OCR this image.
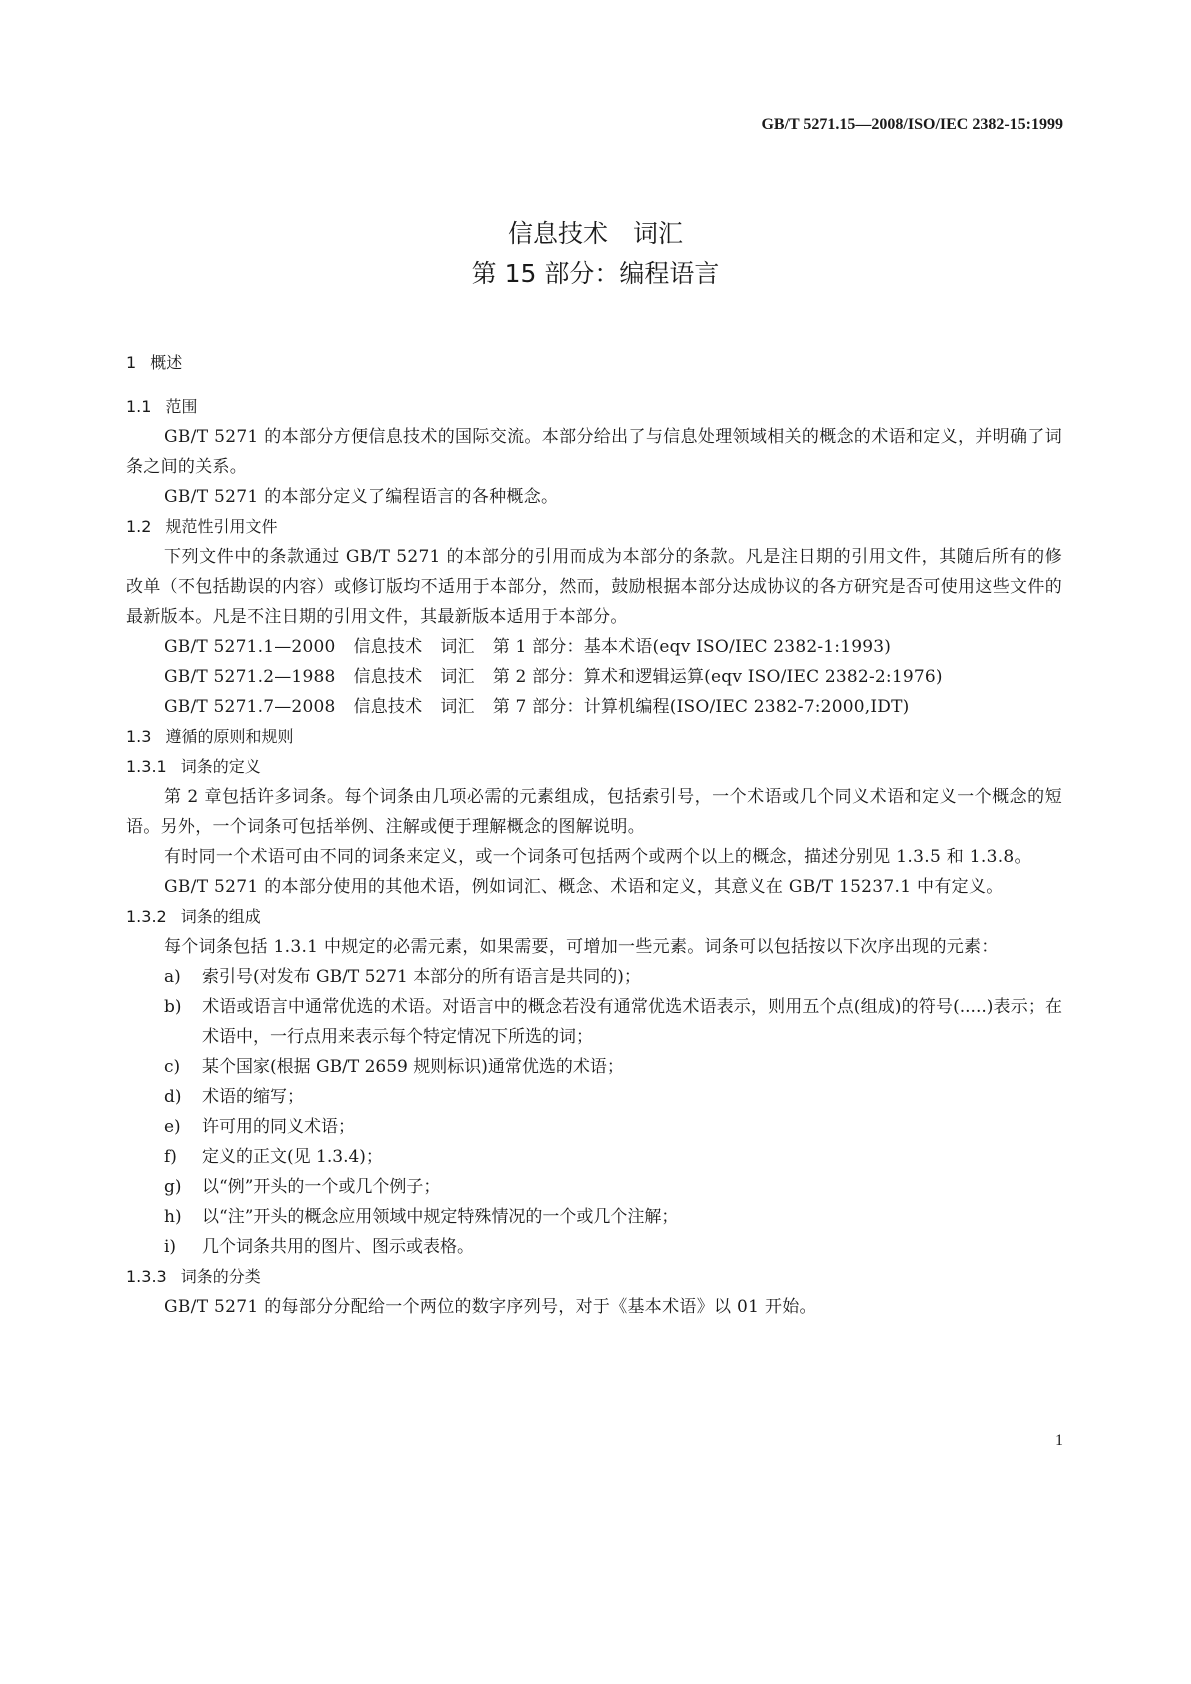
GB/T 5271.15—2008/ISO/IEC 2382-15:1999
信息技术　词汇
第 15 部分：编程语言
1 概述
1.1 范围
GB/T 5271 的本部分方便信息技术的国际交流。本部分给出了与信息处理领域相关的概念的术语和定义，并明确了词条之间的关系。
GB/T 5271 的本部分定义了编程语言的各种概念。
1.2 规范性引用文件
下列文件中的条款通过 GB/T 5271 的本部分的引用而成为本部分的条款。凡是注日期的引用文件，其随后所有的修改单（不包括勘误的内容）或修订版均不适用于本部分，然而，鼓励根据本部分达成协议的各方研究是否可使用这些文件的最新版本。凡是不注日期的引用文件，其最新版本适用于本部分。
GB/T 5271.1—2000 信息技术 词汇 第 1 部分：基本术语(eqv ISO/IEC 2382-1:1993)
GB/T 5271.2—1988 信息技术 词汇 第 2 部分：算术和逻辑运算(eqv ISO/IEC 2382-2:1976)
GB/T 5271.7—2008 信息技术 词汇 第 7 部分：计算机编程(ISO/IEC 2382-7:2000,IDT)
1.3 遵循的原则和规则
1.3.1 词条的定义
第 2 章包括许多词条。每个词条由几项必需的元素组成，包括索引号，一个术语或几个同义术语和定义一个概念的短语。另外，一个词条可包括举例、注解或便于理解概念的图解说明。
有时同一个术语可由不同的词条来定义，或一个词条可包括两个或两个以上的概念，描述分别见 1.3.5 和 1.3.8。
GB/T 5271 的本部分使用的其他术语，例如词汇、概念、术语和定义，其意义在 GB/T 15237.1 中有定义。
1.3.2 词条的组成
每个词条包括 1.3.1 中规定的必需元素，如果需要，可增加一些元素。词条可以包括按以下次序出现的元素：
a) 索引号(对发布 GB/T 5271 本部分的所有语言是共同的)；
b) 术语或语言中通常优选的术语。对语言中的概念若没有通常优选术语表示，则用五个点(组成)的符号(.....)表示；在术语中，一行点用来表示每个特定情况下所选的词；
c) 某个国家(根据 GB/T 2659 规则标识)通常优选的术语；
d) 术语的缩写；
e) 许可用的同义术语；
f) 定义的正文(见 1.3.4)；
g) 以“例”开头的一个或几个例子；
h) 以“注”开头的概念应用领域中规定特殊情况的一个或几个注解；
i) 几个词条共用的图片、图示或表格。
1.3.3 词条的分类
GB/T 5271 的每部分分配给一个两位的数字序列号，对于《基本术语》以 01 开始。
1
